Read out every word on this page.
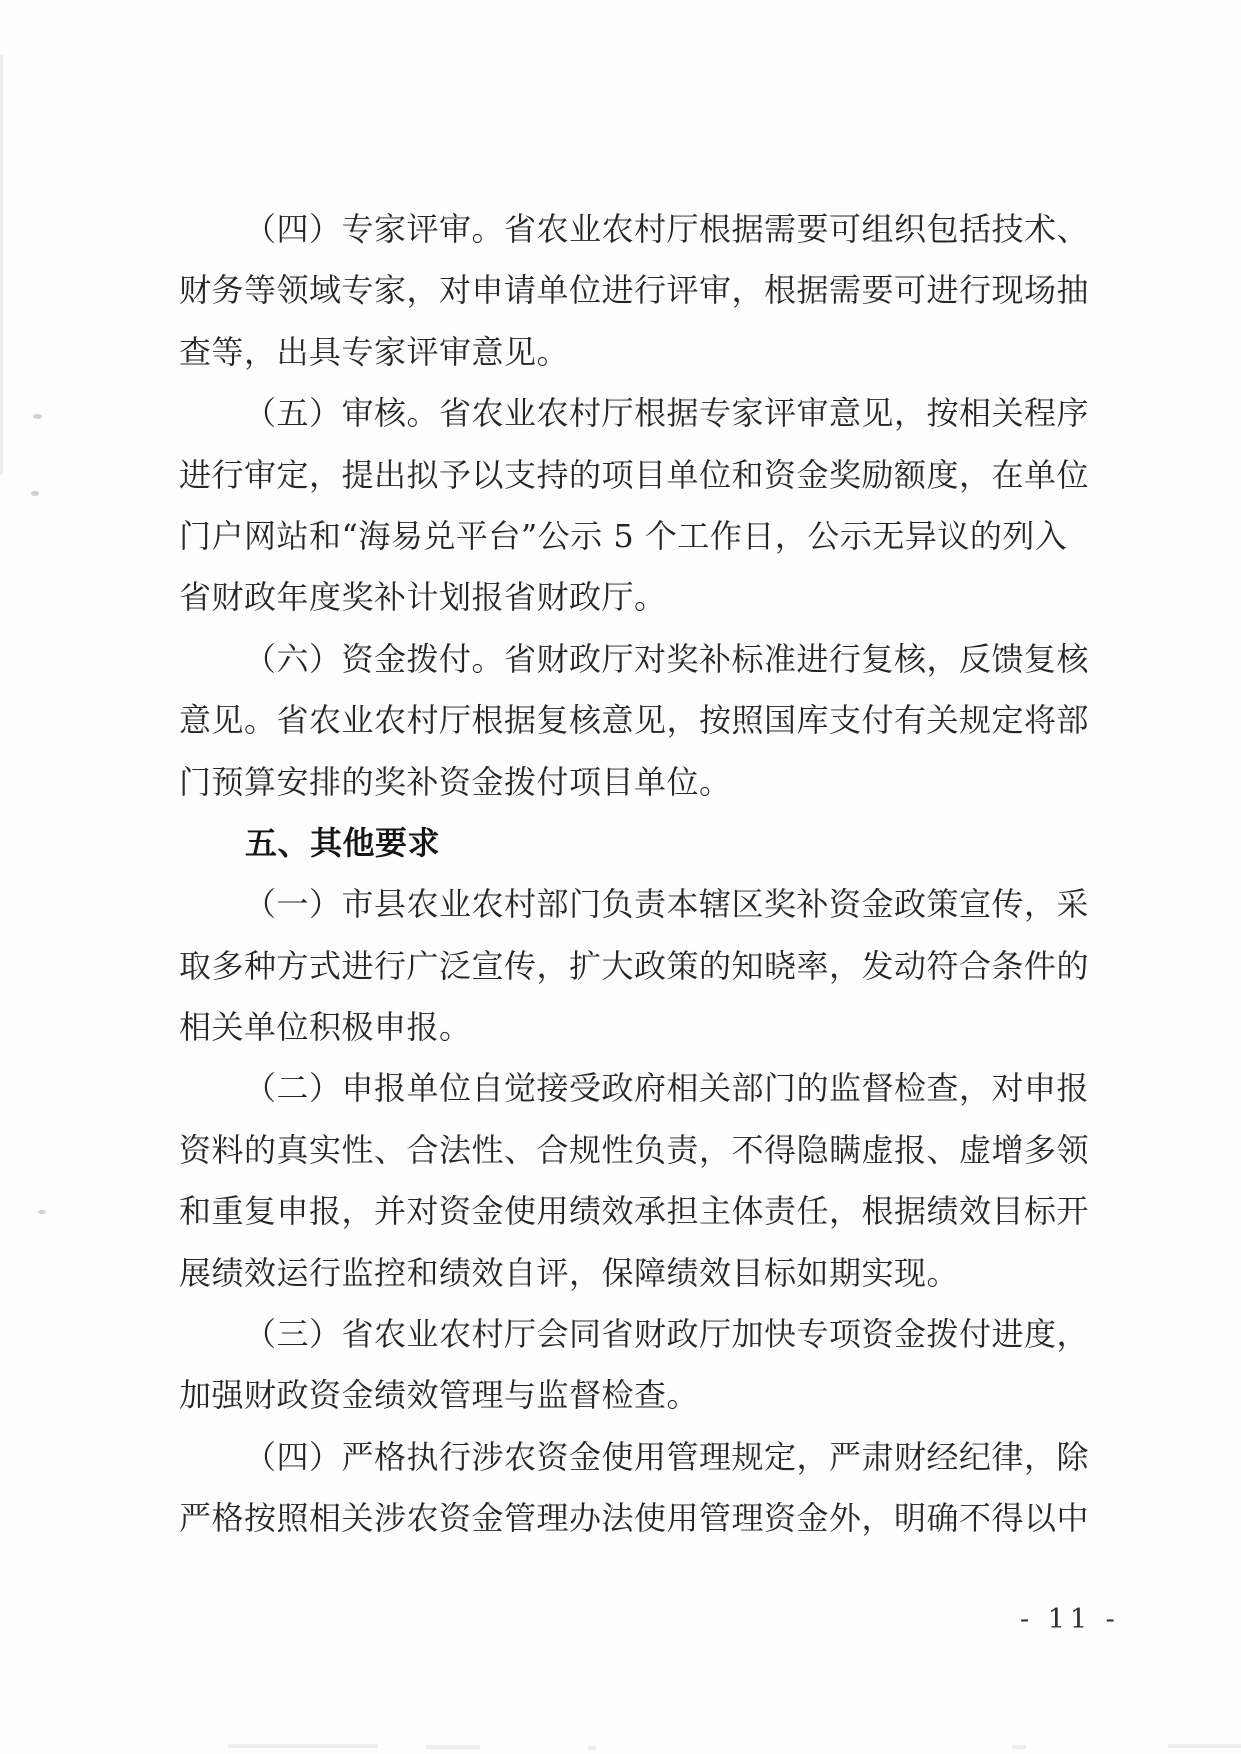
（四）专家评审。省农业农村厅根据需要可组织包括技术、
财务等领域专家，对申请单位进行评审，根据需要可进行现场抽
查等，出具专家评审意见。
（五）审核。省农业农村厅根据专家评审意见，按相关程序
进行审定，提出拟予以支持的项目单位和资金奖励额度，在单位
门户网站和“海易兑平台”公示 5 个工作日，公示无异议的列入
省财政年度奖补计划报省财政厅。
（六）资金拨付。省财政厅对奖补标准进行复核，反馈复核
意见。省农业农村厅根据复核意见，按照国库支付有关规定将部
门预算安排的奖补资金拨付项目单位。
五、其他要求
（一）市县农业农村部门负责本辖区奖补资金政策宣传，采
取多种方式进行广泛宣传，扩大政策的知晓率，发动符合条件的
相关单位积极申报。
（二）申报单位自觉接受政府相关部门的监督检查，对申报
资料的真实性、合法性、合规性负责，不得隐瞒虚报、虚增多领
和重复申报，并对资金使用绩效承担主体责任，根据绩效目标开
展绩效运行监控和绩效自评，保障绩效目标如期实现。
（三）省农业农村厅会同省财政厅加快专项资金拨付进度，
加强财政资金绩效管理与监督检查。
（四）严格执行涉农资金使用管理规定，严肃财经纪律，除
严格按照相关涉农资金管理办法使用管理资金外，明确不得以中
- 11 -
